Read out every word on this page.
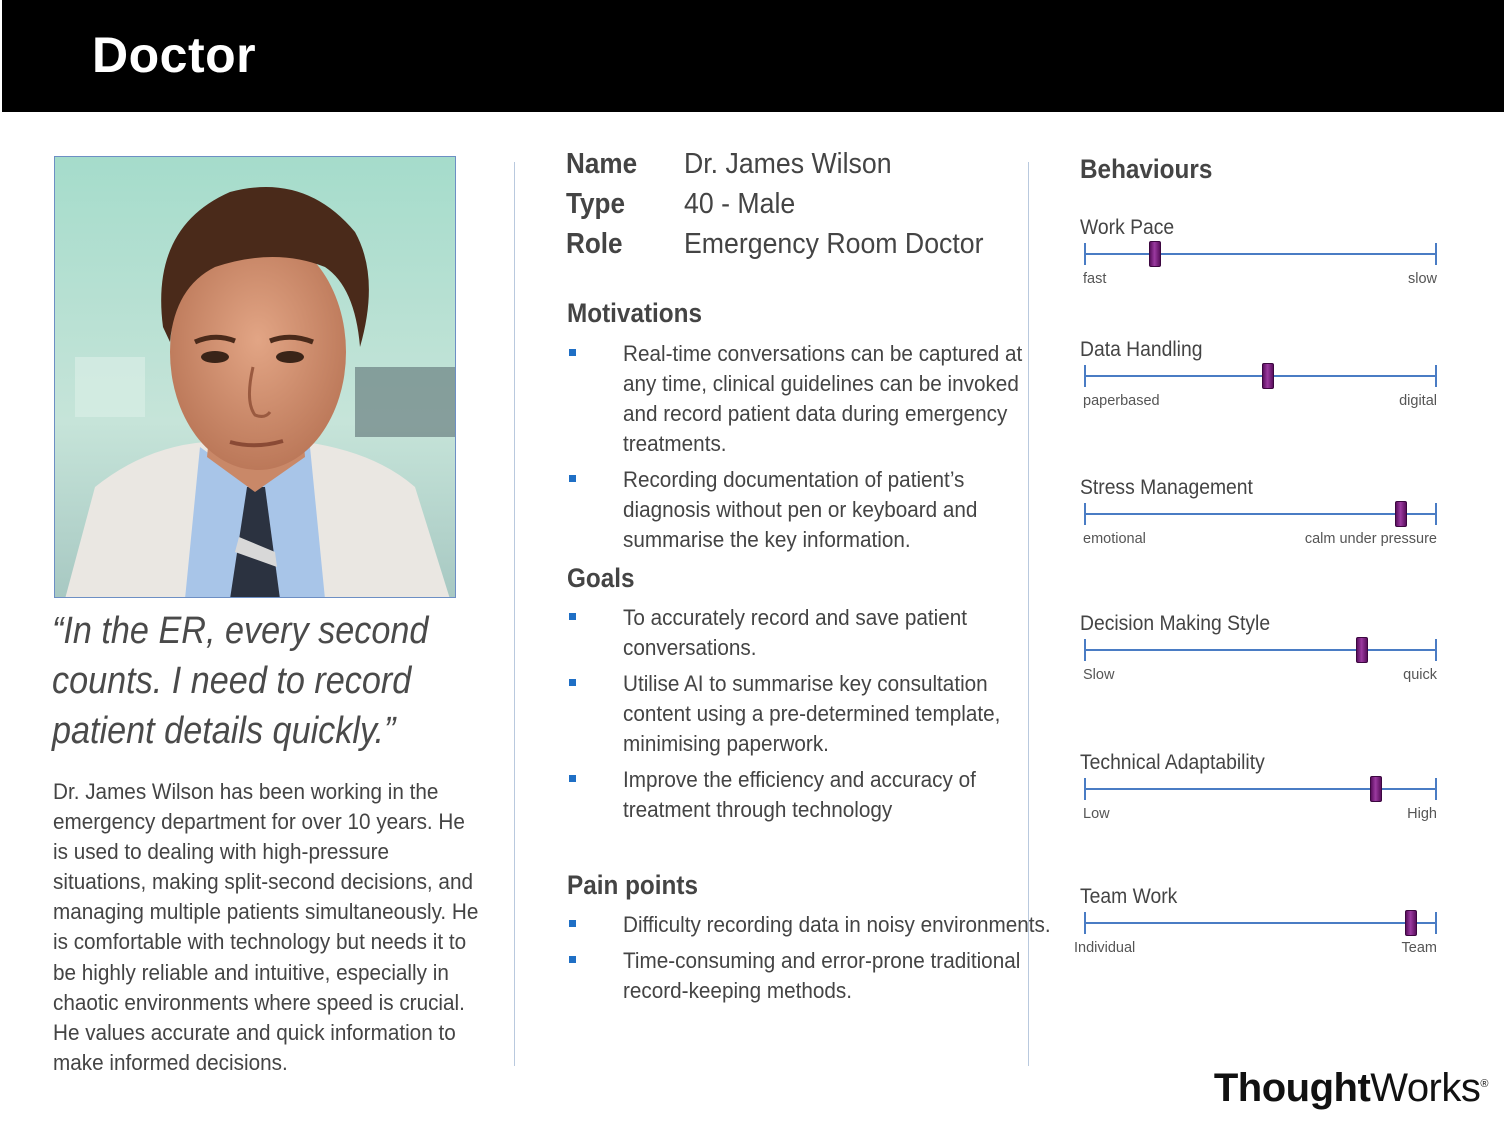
Doctor
“In the ER, every second counts. I need to record patient details quickly.”
Dr. James Wilson has been working in the emergency department for over 10 years. He is used to dealing with high-pressure situations, making split-second decisions, and managing multiple patients simultaneously. He is comfortable with technology but needs it to be highly reliable and intuitive, especially in chaotic environments where speed is crucial. He values accurate and quick information to make informed decisions.
Name Dr. James Wilson
Type 40 - Male
Role Emergency Room Doctor
Motivations
Real-time conversations can be captured at any time, clinical guidelines can be invoked and record patient data during emergency treatments.
Recording documentation of patient’s diagnosis without pen or keyboard and summarise the key information.
Goals
To accurately record and save patient conversations.
Utilise AI to summarise key consultation content using a pre-determined template, minimising paperwork.
Improve the efficiency and accuracy of treatment through technology
Pain points
Difficulty recording data in noisy environments.
Time-consuming and error-prone traditional record-keeping methods.
Behaviours
Work Pace
fast	slow
Data Handling
paperbased	digital
Stress Management
emotional	calm under pressure
Decision Making Style
Slow	quick
Technical Adaptability
Low	High
Team Work
Individual	Team
ThoughtWorks®
